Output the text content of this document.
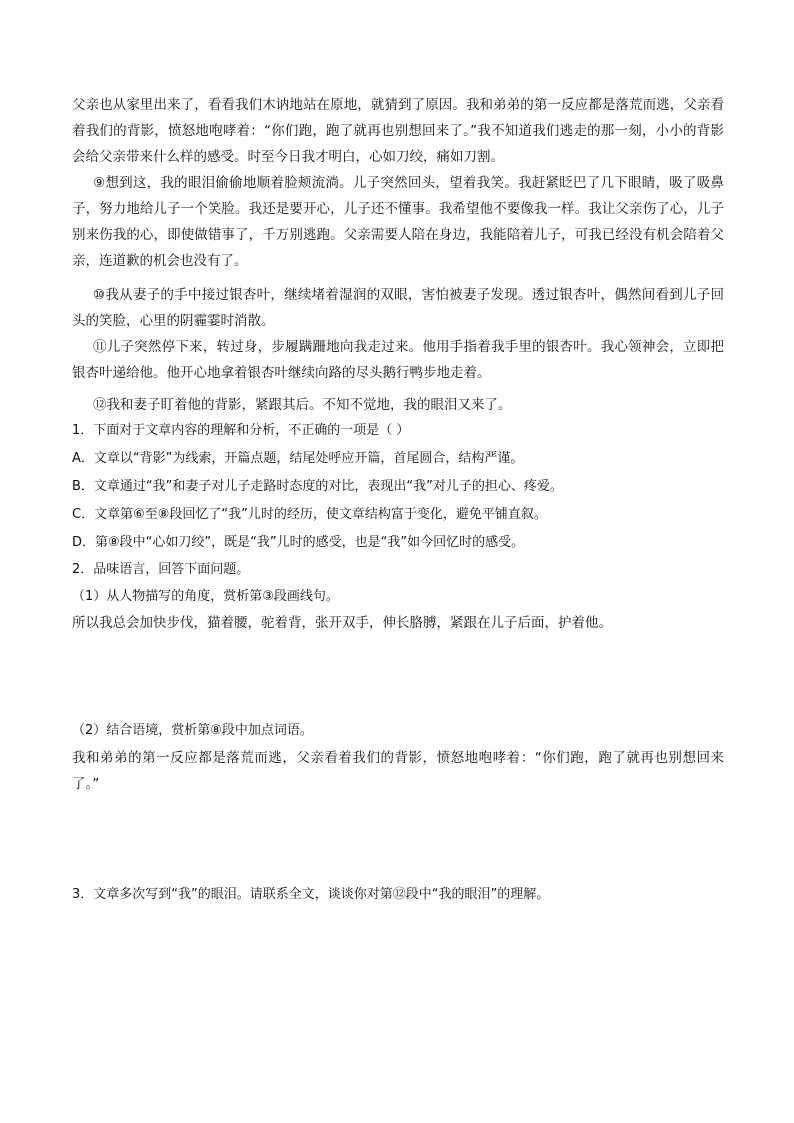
父亲也从家里出来了，看看我们木讷地站在原地，就猜到了原因。我和弟弟的第一反应都是落荒而逃，父亲看着我们的背影，愤怒地咆哮着：“你们跑，跑了就再也别想回来了。”我不知道我们逃走的那一刻，小小的背影会给父亲带来什么样的感受。时至今日我才明白，心如刀绞，痛如刀割。

⑨想到这，我的眼泪偷偷地顺着脸颊流淌。儿子突然回头，望着我笑。我赶紧眨巴了几下眼睛，吸了吸鼻子，努力地给儿子一个笑脸。我还是要开心，儿子还不懂事。我希望他不要像我一样。我让父亲伤了心，儿子别来伤我的心，即使做错事了，千万别逃跑。父亲需要人陪在身边，我能陪着儿子，可我已经没有机会陪着父亲，连道歉的机会也没有了。

⑩我从妻子的手中接过银杏叶，继续堵着湿润的双眼，害怕被妻子发现。透过银杏叶，偶然间看到儿子回头的笑脸，心里的阴霾霎时消散。

⑪儿子突然停下来，转过身，步履蹒跚地向我走过来。他用手指着我手里的银杏叶。我心领神会，立即把银杏叶递给他。他开心地拿着银杏叶继续向路的尽头鹅行鸭步地走着。

⑫我和妻子盯着他的背影，紧跟其后。不知不觉地，我的眼泪又来了。

1．下面对于文章内容的理解和分析，不正确的一项是（ ）

A．文章以“背影”为线索，开篇点题，结尾处呼应开篇，首尾圆合，结构严谨。

B．文章通过“我”和妻子对儿子走路时态度的对比，表现出“我”对儿子的担心、疼爱。

C．文章第⑥至⑧段回忆了“我”儿时的经历，使文章结构富于变化，避免平铺直叙。

D．第⑧段中“心如刀绞”，既是“我”儿时的感受，也是“我”如今回忆时的感受。

2．品味语言，回答下面问题。

（1）从人物描写的角度，赏析第③段画线句。

所以我总会加快步伐，猫着腰，驼着背，张开双手，伸长胳膊，紧跟在儿子后面，护着他。

（2）结合语境，赏析第⑧段中加点词语。

我和弟弟的第一反应都是落荒而逃，父亲看着我们的背影，愤怒地咆哮着：“你们跑，跑了就再也别想回来了。”

3．文章多次写到“我”的眼泪。请联系全文，谈谈你对第⑫段中“我的眼泪”的理解。
